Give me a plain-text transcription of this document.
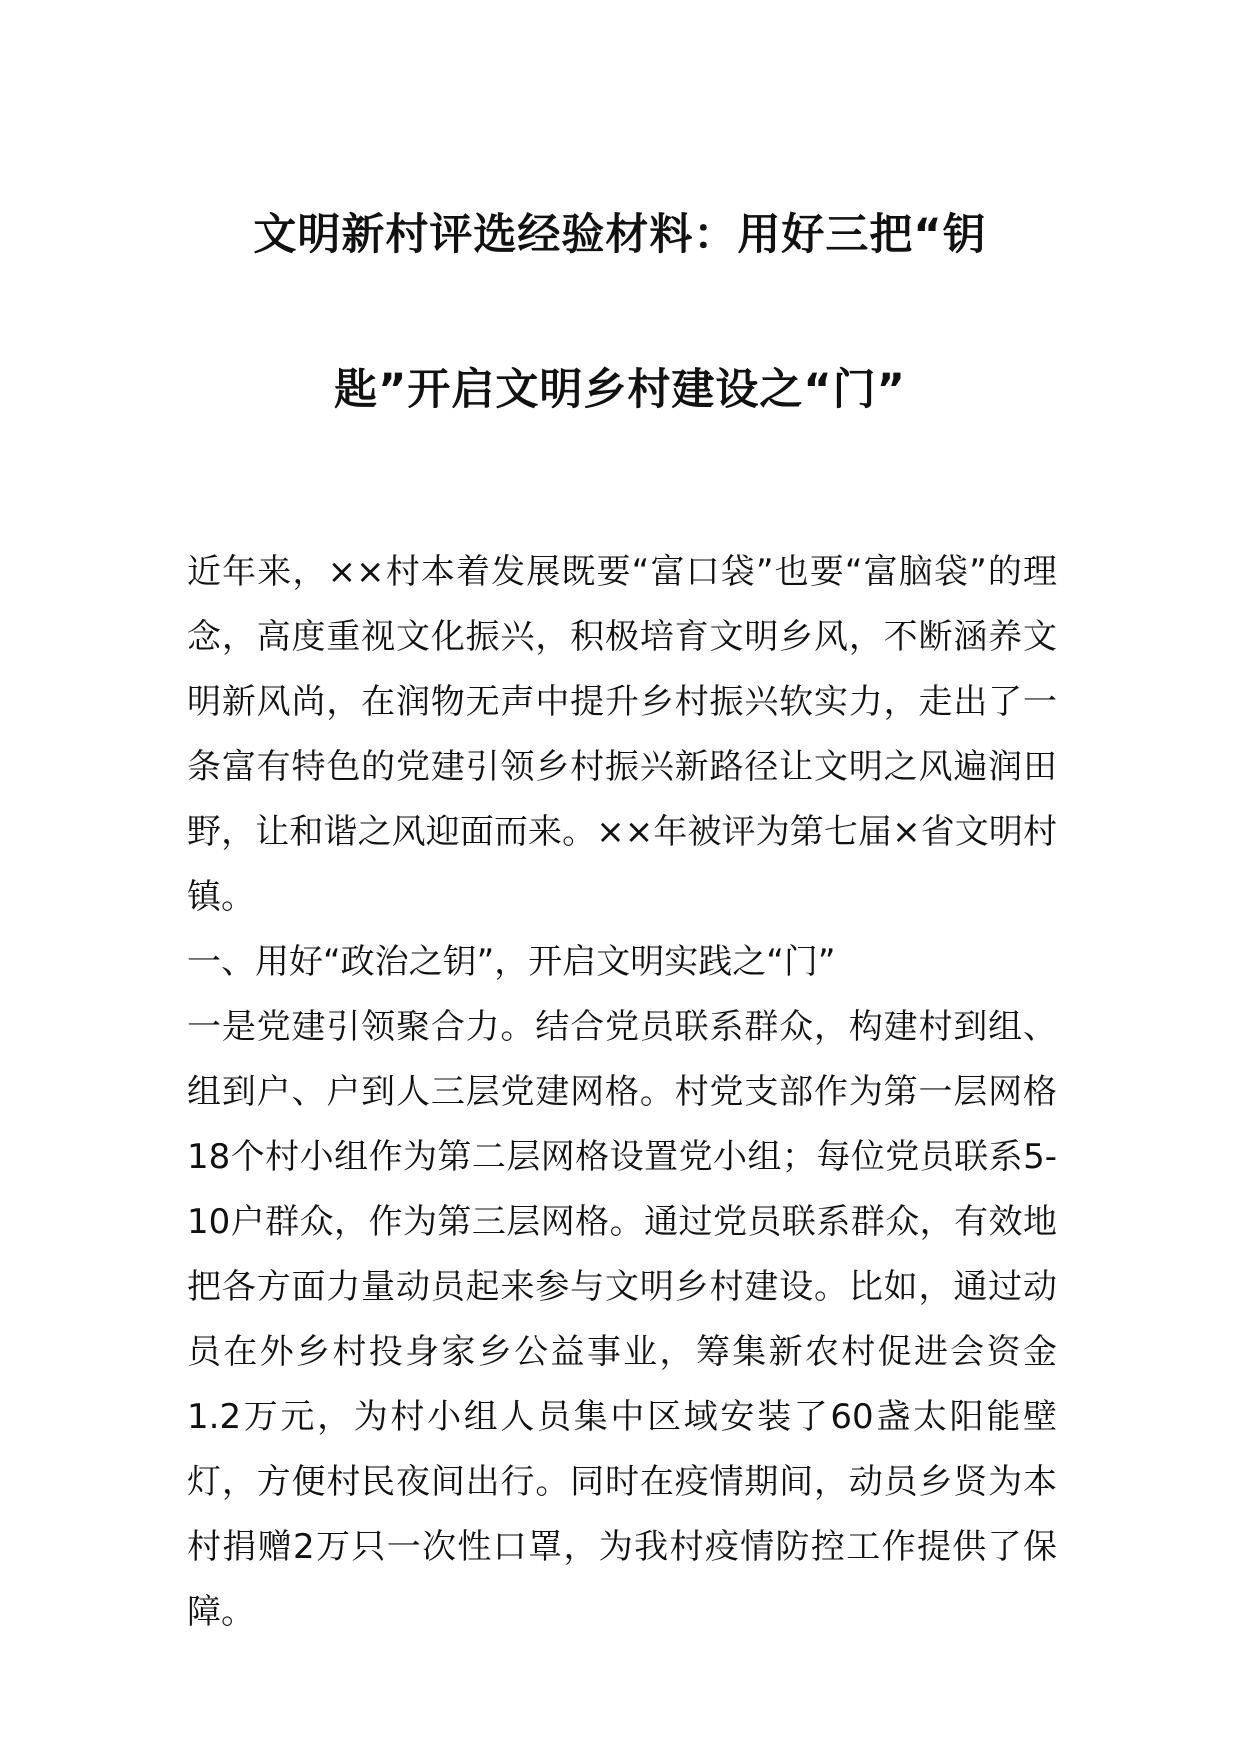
文明新村评选经验材料：用好三把“钥
匙”开启文明乡村建设之“门”

近年来，××村本着发展既要“富口袋”也要“富脑袋”的理念，高度重视文化振兴，积极培育文明乡风，不断涵养文明新风尚，在润物无声中提升乡村振兴软实力，走出了一条富有特色的党建引领乡村振兴新路径让文明之风遍润田野，让和谐之风迎面而来。××年被评为第七届×省文明村镇。

一、用好“政治之钥”，开启文明实践之“门”

一是党建引领聚合力。结合党员联系群众，构建村到组、组到户、户到人三层党建网格。村党支部作为第一层网格18个村小组作为第二层网格设置党小组；每位党员联系5-10户群众，作为第三层网格。通过党员联系群众，有效地把各方面力量动员起来参与文明乡村建设。比如，通过动员在外乡村投身家乡公益事业，筹集新农村促进会资金1.2万元，为村小组人员集中区域安装了60盏太阳能壁灯，方便村民夜间出行。同时在疫情期间，动员乡贤为本村捐赠2万只一次性口罩，为我村疫情防控工作提供了保障。
